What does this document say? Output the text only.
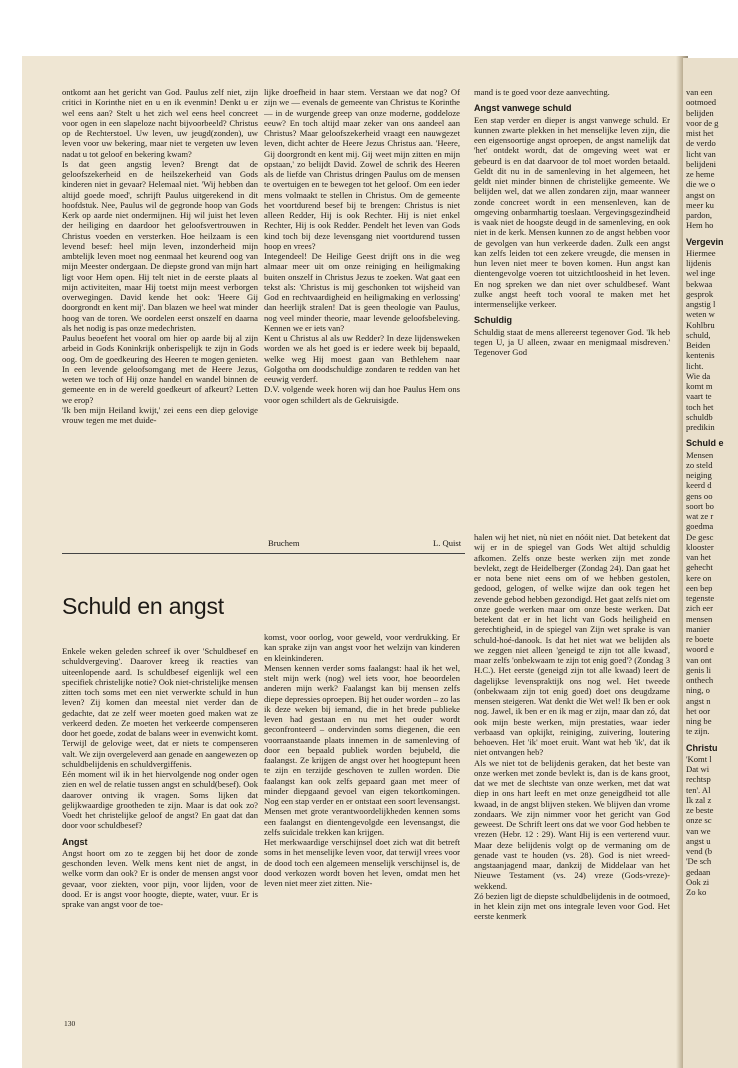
ontkomt aan het gericht van God. Paulus zelf niet, zijn critici in Korinthe niet en u en ik evenmin! Denkt u er wel eens aan? Stelt u het zich wel eens heel concreet voor ogen in een slapeloze nacht bijvoorbeeld? Christus op de Rechterstoel. Uw leven, uw jeugd(zonden), uw leven voor uw bekering, maar niet te vergeten uw leven nadat u tot geloof en bekering kwam?

Is dat geen angstig leven? Brengt dat de geloofszekerheid en de heilszekerheid van Gods kinderen niet in gevaar? Helemaal niet. 'Wij hebben dan altijd goede moed', schrijft Paulus uitgerekend in dit hoofdstuk. Nee, Paulus wil de gegronde hoop van Gods Kerk op aarde niet ondermijnen. Hij wil juist het leven der heiliging en daardoor het geloofsvertrouwen in Christus voeden en versterken. Hoe heilzaam is een levend besef: heel mijn leven, inzonderheid mijn ambtelijk leven moet nog eenmaal het keurend oog van mijn Meester ondergaan. De diepste grond van mijn hart ligt voor Hem open. Hij telt niet in de eerste plaats al mijn activiteiten, maar Hij toetst mijn meest verborgen overwegingen. David kende het ook: 'Heere Gij doorgrondt en kent mij'. Dan blazen we heel wat minder hoog van de toren. We oordelen eerst onszelf en daarna als het nodig is pas onze medechristen.

Paulus beoefent het vooral om hier op aarde bij al zijn arbeid in Gods Koninkrijk onberispelijk te zijn in Gods oog. Om de goedkeuring des Heeren te mogen genieten. In een levende geloofsomgang met de Heere Jezus, weten we toch of Hij onze handel en wandel binnen de gemeente en in de wereld goedkeurt of afkeurt? Letten we erop?

'Ik ben mijn Heiland kwijt,' zei eens een diep gelovige vrouw tegen me met duide-

lijke droefheid in haar stem. Verstaan we dat nog? Of zijn we — evenals de gemeente van Christus te Korinthe — in de wurgende greep van onze moderne, goddeloze eeuw? En toch altijd maar zeker van ons aandeel aan Christus? Maar geloofszekerheid vraagt een nauwgezet leven, dicht achter de Heere Jezus Christus aan. 'Heere, Gij doorgrondt en kent mij. Gij weet mijn zitten en mijn opstaan,' zo belijdt David. Zowel de schrik des Heeren als de liefde van Christus dringen Paulus om de mensen te overtuigen en te bewegen tot het geloof. Om een ieder mens volmaakt te stellen in Christus. Om de gemeente het voortdurend besef bij te brengen: Christus is niet alleen Redder, Hij is ook Rechter. Hij is niet enkel Rechter, Hij is ook Redder. Pendelt het leven van Gods kind toch bij deze levensgang niet voortdurend tussen hoop en vrees?

Integendeel! De Heilige Geest drijft ons in die weg almaar meer uit om onze reiniging en heiligmaking buiten onszelf in Christus Jezus te zoeken. Wat gaat een tekst als: 'Christus is mij geschonken tot wijsheid van God en rechtvaardigheid en heiligmaking en verlossing' dan heerlijk stralen! Dat is geen theologie van Paulus, nog veel minder theorie, maar levende geloofsbeleving. Kennen we er iets van?

Kent u Christus al als uw Redder? In deze lijdensweken worden we als het goed is er iedere week bij bepaald, welke weg Hij moest gaan van Bethlehem naar Golgotha om doodschuldige zondaren te redden van het eeuwig verderf.

D.V. volgende week horen wij dan hoe Paulus Hem ons voor ogen schildert als de Gekruisigde.

Bruchem	L. Quist

mand is te goed voor deze aanvechting.

Angst vanwege schuld

Een stap verder en dieper is angst vanwege schuld. Er kunnen zwarte plekken in het menselijke leven zijn, die een eigensoortige angst oproepen, de angst namelijk dat 'het' ontdekt wordt, dat de omgeving weet wat er gebeurd is en dat daarvoor de tol moet worden betaald. Geldt dit nu in de samenleving in het algemeen, het geldt niet minder binnen de christelijke gemeente. We belijden wel, dat we allen zondaren zijn, maar wanneer zonde concreet wordt in een mensenleven, kan de omgeving onbarmhartig toeslaan. Vergevingsgezindheid is vaak niet de hoogste deugd in de samenleving, en ook niet in de kerk. Mensen kunnen zo de angst hebben voor de gevolgen van hun verkeerde daden. Zulk een angst kan zelfs leiden tot een zekere vreugde, die mensen in hun leven niet meer te boven komen. Hun angst kan dientengevolge voeren tot uitzichtloosheid in het leven. En nog spreken we dan niet over schuldbesef. Want zulke angst heeft toch vooral te maken met het intermenselijke verkeer.

Schuldig

Schuldig staat de mens allereerst tegenover God. 'Ik heb tegen U, ja U alleen, zwaar en menigmaal misdreven.' Tegenover God

Schuld en angst

Enkele weken geleden schreef ik over 'Schuldbesef en schuldvergeving'. Daarover kreeg ik reacties van uiteenlopende aard. Is schuldbesef eigenlijk wel een specifiek christelijke notie? Ook niet-christelijke mensen zitten toch soms met een niet verwerkte schuld in hun leven? Zij komen dan meestal niet verder dan de gedachte, dat ze zelf weer moeten goed maken wat ze verkeerd deden. Ze moeten het verkeerde compenseren door het goede, zodat de balans weer in evenwicht komt. Terwijl de gelovige weet, dat er niets te compenseren valt. We zijn overgeleverd aan genade en aangewezen op schuldbelijdenis en schuldvergiffenis.

Eén moment wil ik in het hiervolgende nog onder ogen zien en wel de relatie tussen angst en schuld(besef). Ook daarover ontving ik vragen. Soms lijken dat gelijkwaardige grootheden te zijn. Maar is dat ook zo? Voedt het christelijke geloof de angst? En gaat dat dan door voor schuldbesef?

Angst

Angst hoort om zo te zeggen bij het door de zonde geschonden leven. Welk mens kent niet de angst, in welke vorm dan ook? Er is onder de mensen angst voor gevaar, voor ziekten, voor pijn, voor lijden, voor de dood. Er is angst voor hoogte, diepte, water, vuur. Er is sprake van angst voor de toe-

komst, voor oorlog, voor geweld, voor verdrukking. Er kan sprake zijn van angst voor het welzijn van kinderen en kleinkinderen.

Mensen kennen verder soms faalangst: haal ik het wel, stelt mijn werk (nog) wel iets voor, hoe beoordelen anderen mijn werk? Faalangst kan bij mensen zelfs diepe depressies oproepen. Bij het ouder worden – zo las ik deze weken bij iemand, die in het brede publieke leven had gestaan en nu met het ouder wordt geconfronteerd – ondervinden soms diegenen, die een voorraanstaande plaats innemen in de samenleving of door een bepaald publiek worden bejubeld, die faalangst. Ze krijgen de angst over het hoogtepunt heen te zijn en terzijde geschoven te zullen worden. Die faalangst kan ook zelfs gepaard gaan met meer of minder diepgaand gevoel van eigen tekortkomingen. Nog een stap verder en er ontstaat een soort levensangst. Mensen met grote verantwoordelijkheden kennen soms een faalangst en dientengevolgde een levensangst, die zelfs suïcidale trekken kan krijgen.

Het merkwaardige verschijnsel doet zich wat dit betreft soms in het menselijke leven voor, dat terwijl vrees voor de dood toch een algemeen menselijk verschijnsel is, de dood verkozen wordt boven het leven, omdat men het leven niet meer ziet zitten. Nie-

halen wij het niet, nù niet en nóóit niet. Dat betekent dat wij er in de spiegel van Gods Wet altijd schuldig afkomen. Zelfs onze beste werken zijn met zonde bevlekt, zegt de Heidelberger (Zondag 24). Dan gaat het er nota bene niet eens om of we hebben gestolen, gedood, gelogen, of welke wijze dan ook tegen het zevende gebod hebben gezondigd. Het gaat zelfs niet om onze goede werken maar om onze beste werken. Dat betekent dat er in het licht van Gods heiligheid en gerechtigheid, in de spiegel van Zijn wet sprake is van schuld-hoé-danook. Is dat het niet wat we belijden als we zeggen niet alleen 'geneigd te zijn tot alle kwaad', maar zelfs 'onbekwaam te zijn tot enig goed'? (Zondag 3 H.C.). Het eerste (geneigd zijn tot alle kwaad) leert de dagelijkse levenspraktijk ons nog wel. Het tweede (onbekwaam zijn tot enig goed) doet ons deugdzame mensen steigeren. Wat denkt die Wet wel! Ik ben er ook nog. Jawel, ik ben er en ik mag er zijn, maar dan zó, dat ook mijn beste werken, mijn prestaties, waar ieder verbaasd van opkijkt, reiniging, zuivering, loutering behoeven. Het 'ik' moet eruit. Want wat heb 'ik', dat ik niet ontvangen heb?

Als we niet tot de belijdenis geraken, dat het beste van onze werken met zonde bevlekt is, dan is de kans groot, dat we met de slechtste van onze werken, met dat wat diep in ons hart leeft en met onze geneigdheid tot alle kwaad, in de angst blijven steken. We blijven dan vrome zondaars. We zijn nimmer voor het gericht van God geweest. De Schrift leert ons dat we voor God hebben te vrezen (Hebr. 12 : 29). Want Hij is een verterend vuur. Maar deze belijdenis volgt op de vermaning om de genade vast te houden (vs. 28). God is niet wreed-angstaanjagend maar, dankzij de Middelaar van het Nieuwe Testament (vs. 24) vreze (Gods-vreze)-wekkend.

Zó bezien ligt de diepste schuldbelijdenis in de ootmoed, in het klein zijn met ons integrale leven voor God. Het eerste kenmerk

van een

ootmoed

belijden

voor de g

mist het

de verdo

licht van

belijdeni

ze heme

die we o

angst on

meer ku

pardon,

Hem ho

Vergevin

Hiermee

lijdenis

wel inge

bekwaa

gesprok

angstig l

weten w

Kohlbru

schuld,

Beiden

kentenis

licht.

Wie da

komt m

vaart te

toch het

schuldb

predikin

Schuld e

Mensen

zo steld

neiging

keerd d

gens oo

soort bo

wat ze r

goedma

De gesc

klooster

van het

gehecht

kere on

een bep

tegenste

zich eer

mensen

manier

re boete

woord e

van ont

genis li

onthech

ning, o

angst n

het oor

ning be

te zijn.

Christu

'Komt l

Dat wi

rechtsp

ten'. Al

Ik zal z

ze beste

onze sc

van we

angst u

vend (b

'De sch

gedaan

Ook zi

Zo ko

130
